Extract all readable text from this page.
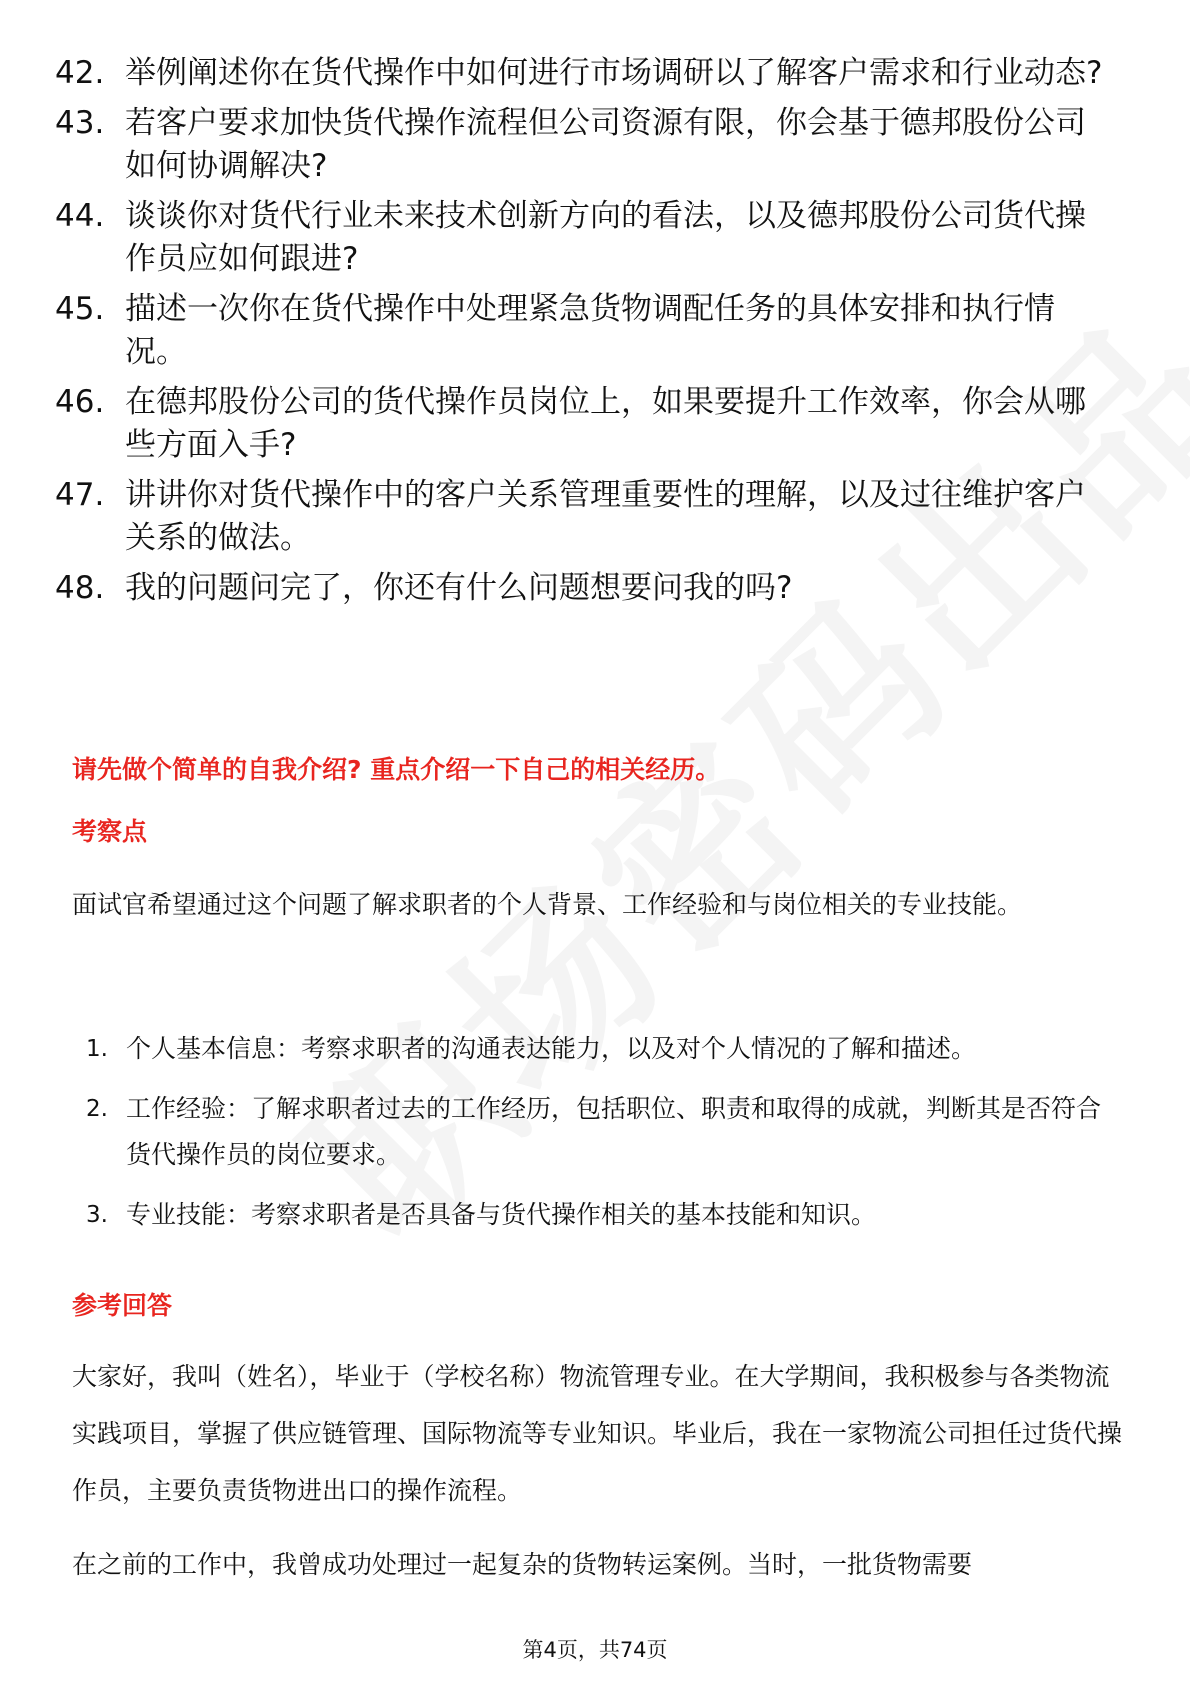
42. 举例阐述你在货代操作中如何进行市场调研以了解客户需求和行业动态?
43. 若客户要求加快货代操作流程但公司资源有限，你会基于德邦股份公司如何协调解决?
44. 谈谈你对货代行业未来技术创新方向的看法，以及德邦股份公司货代操作员应如何跟进?
45. 描述一次你在货代操作中处理紧急货物调配任务的具体安排和执行情况。
46. 在德邦股份公司的货代操作员岗位上，如果要提升工作效率，你会从哪些方面入手?
47. 讲讲你对货代操作中的客户关系管理重要性的理解，以及过往维护客户关系的做法。
48. 我的问题问完了，你还有什么问题想要问我的吗?
请先做个简单的自我介绍? 重点介绍一下自己的相关经历。
考察点
面试官希望通过这个问题了解求职者的个人背景、工作经验和与岗位相关的专业技能。
1. 个人基本信息：考察求职者的沟通表达能力，以及对个人情况的了解和描述。
2. 工作经验：了解求职者过去的工作经历，包括职位、职责和取得的成就，判断其是否符合货代操作员的岗位要求。
3. 专业技能：考察求职者是否具备与货代操作相关的基本技能和知识。
参考回答
大家好，我叫（姓名），毕业于（学校名称）物流管理专业。在大学期间，我积极参与各类物流实践项目，掌握了供应链管理、国际物流等专业知识。毕业后，我在一家物流公司担任过货代操作员，主要负责货物进出口的操作流程。
在之前的工作中，我曾成功处理过一起复杂的货物转运案例。当时，一批货物需要
第4页，共74页
